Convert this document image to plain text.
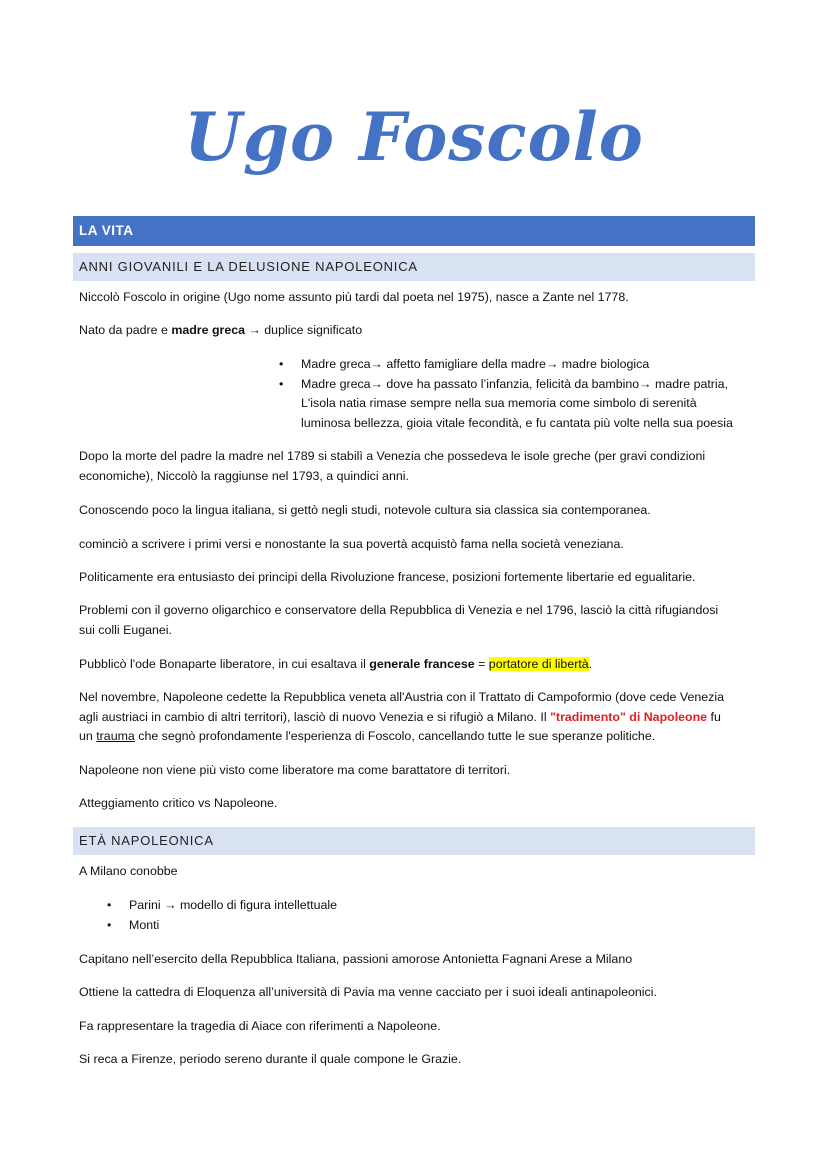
Ugo Foscolo
LA VITA
ANNI GIOVANILI E LA DELUSIONE NAPOLEONICA
Niccolò Foscolo in origine (Ugo nome assunto più tardi dal poeta nel 1975), nasce a Zante nel 1778.
Nato da padre e madre greca → duplice significato
• Madre greca→ affetto famigliare della madre→ madre biologica
• Madre greca→ dove ha passato l’infanzia, felicità da bambino→ madre patria,
L'isola natia rimase sempre nella sua memoria come simbolo di serenità
luminosa bellezza, gioia vitale fecondità, e fu cantata più volte nella sua poesia
Dopo la morte del padre la madre nel 1789 si stabilì a Venezia che possedeva le isole greche (per gravi condizioni
economiche), Niccolò la raggiunse nel 1793, a quindici anni.
Conoscendo poco la lingua italiana, si gettò negli studi, notevole cultura sia classica sia contemporanea.
cominciò a scrivere i primi versi e nonostante la sua povertà acquistò fama nella società veneziana.
Politicamente era entusiasto dei principi della Rivoluzione francese, posizioni fortemente libertarie ed egualitarie.
Problemi con il governo oligarchico e conservatore della Repubblica di Venezia e nel 1796, lasciò la città rifugiandosi
sui colli Euganei.
Pubblicò l'ode Bonaparte liberatore, in cui esaltava il generale francese = portatore di libertà.
Nel novembre, Napoleone cedette la Repubblica veneta all'Austria con il Trattato di Campoformio (dove cede Venezia
agli austriaci in cambio di altri territori), lasciò di nuovo Venezia e si rifugiò a Milano. Il "tradimento" di Napoleone fu
un trauma che segnò profondamente l'esperienza di Foscolo, cancellando tutte le sue speranze politiche.
Napoleone non viene più visto come liberatore ma come barattatore di territori.
Atteggiamento critico vs Napoleone.
ETÀ NAPOLEONICA
A Milano conobbe
• Parini → modello di figura intellettuale
• Monti
Capitano nell’esercito della Repubblica Italiana, passioni amorose Antonietta Fagnani Arese a Milano
Ottiene la cattedra di Eloquenza all’università di Pavia ma venne cacciato per i suoi ideali antinapoleonici.
Fa rappresentare la tragedia di Aiace con riferimenti a Napoleone.
Si reca a Firenze, periodo sereno durante il quale compone le Grazie.
